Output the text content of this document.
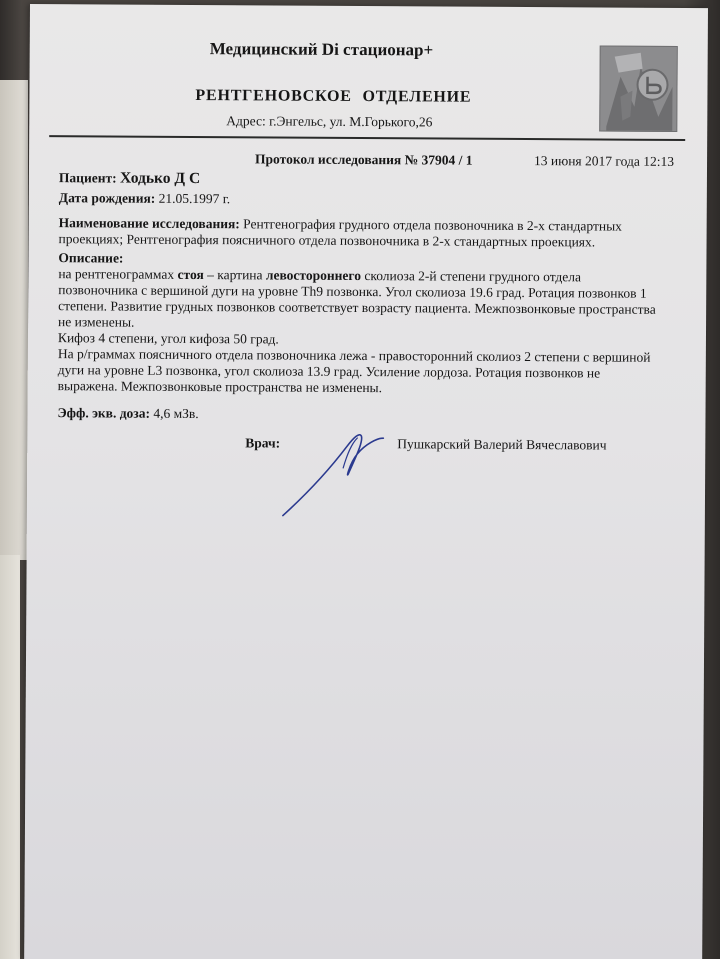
Медицинский Di стационар+
РЕНТГЕНОВСКОЕ ОТДЕЛЕНИЕ
Адрес: г.Энгельс, ул. М.Горького,26
Протокол исследования № 37904 / 1	13 июня 2017 года 12:13
Пациент: Ходько Д С
Дата рождения: 21.05.1997 г.
Наименование исследования: Рентгенография грудного отдела позвоночника в 2-х стандартных
проекциях; Рентгенография поясничного отдела позвоночника в 2-х стандартных проекциях.
Описание:

на рентгенограммах стоя – картина левостороннего сколиоза 2-й степени грудного отдела

позвоночника с вершиной дуги на уровне Th9 позвонка. Угол сколиоза 19.6 град. Ротация позвонков 1

степени. Развитие грудных позвонков соответствует возрасту пациента. Межпозвонковые пространства

не изменены.

Кифоз 4 степени, угол кифоза 50 град.

На р/граммах поясничного отдела позвоночника лежа - правосторонний сколиоз 2 степени с вершиной

дуги на уровне L3 позвонка, угол сколиоза 13.9 град. Усиление лордоза. Ротация позвонков не

выражена. Межпозвонковые пространства не изменены.

Эфф. экв. доза: 4,6 мЗв.
Врач:	Пушкарский Валерий Вячеславович
